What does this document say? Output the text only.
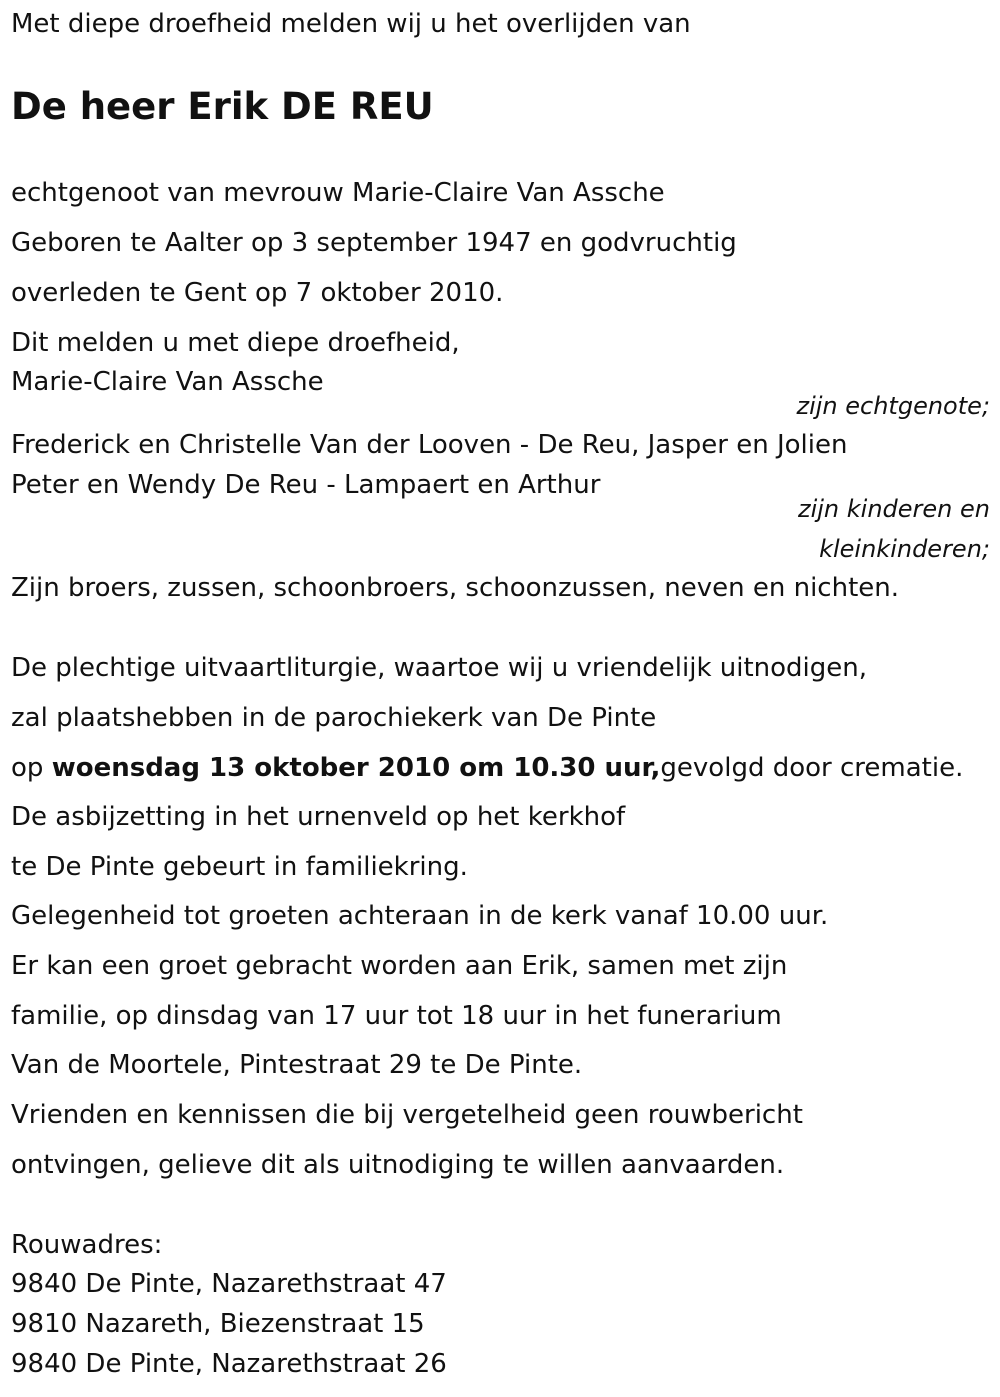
Met diepe droefheid melden wij u het overlijden van
De heer Erik DE REU
echtgenoot van mevrouw Marie-Claire Van Assche
Geboren te Aalter op 3 september 1947 en godvruchtig
overleden te Gent op 7 oktober 2010.
Dit melden u met diepe droefheid,
Marie-Claire Van Assche
zijn echtgenote;
Frederick en Christelle Van der Looven - De Reu, Jasper en Jolien
Peter en Wendy De Reu - Lampaert en Arthur
zijn kinderen en
kleinkinderen;
Zijn broers, zussen, schoonbroers, schoonzussen, neven en nichten.
De plechtige uitvaartliturgie, waartoe wij u vriendelijk uitnodigen,
zal plaatshebben in de parochiekerk van De Pinte
op woensdag 13 oktober 2010 om 10.30 uur,gevolgd door crematie.
De asbijzetting in het urnenveld op het kerkhof
te De Pinte gebeurt in familiekring.
Gelegenheid tot groeten achteraan in de kerk vanaf 10.00 uur.
Er kan een groet gebracht worden aan Erik, samen met zijn
familie, op dinsdag van 17 uur tot 18 uur in het funerarium
Van de Moortele, Pintestraat 29 te De Pinte.
Vrienden en kennissen die bij vergetelheid geen rouwbericht
ontvingen, gelieve dit als uitnodiging te willen aanvaarden.
Rouwadres:
9840 De Pinte, Nazarethstraat 47
9810 Nazareth, Biezenstraat 15
9840 De Pinte, Nazarethstraat 26
